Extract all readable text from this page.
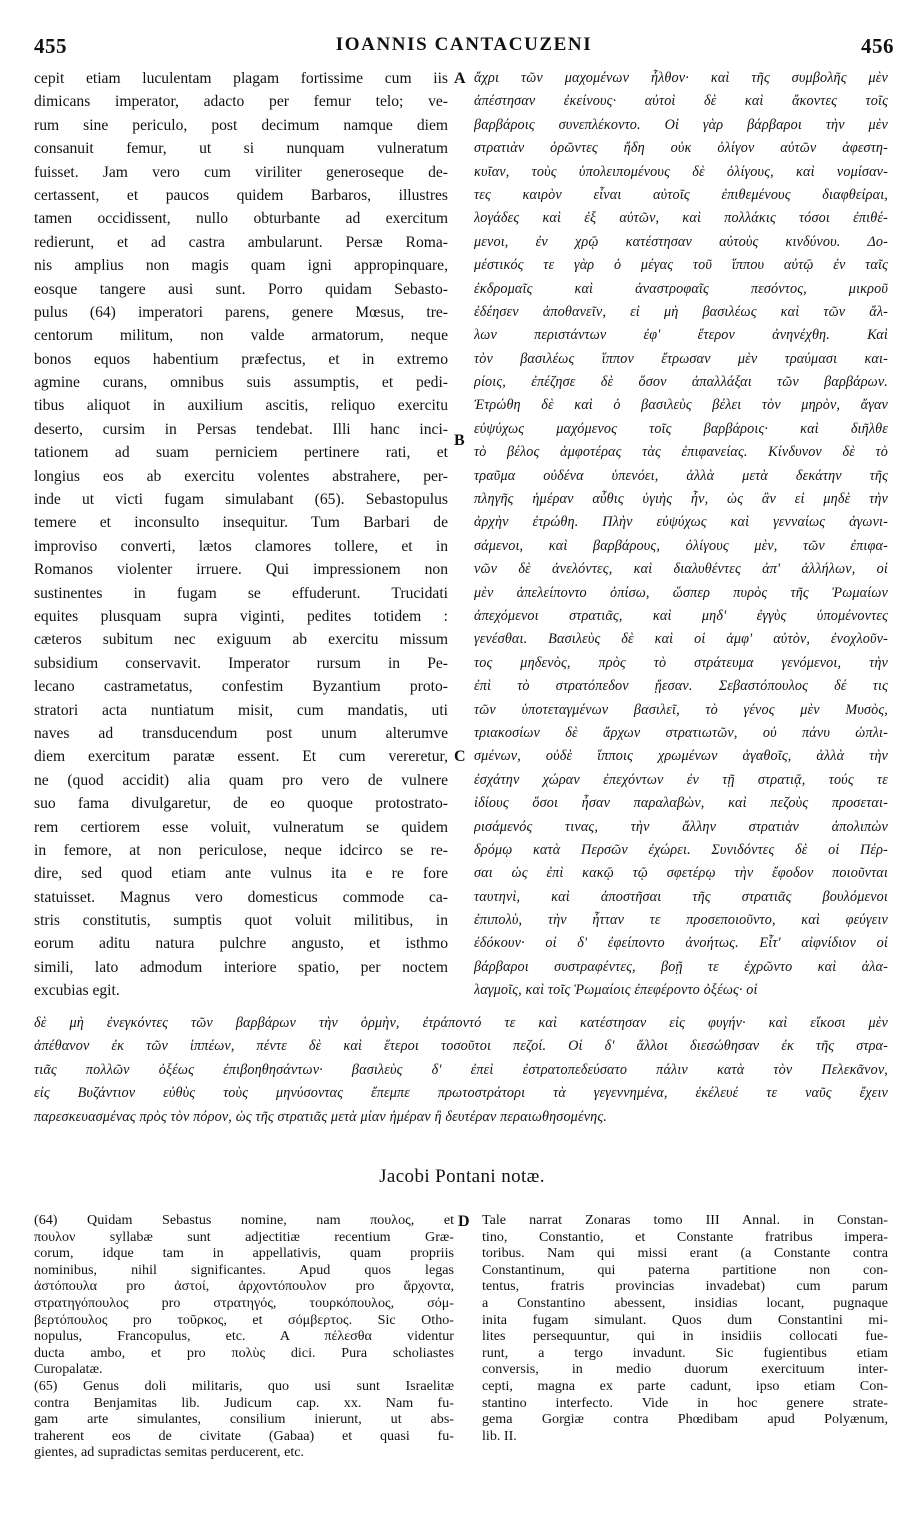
455	IOANNIS CANTACUZENI	456
cepit etiam luculentam plagam fortissime cum iis
dimicans imperator, adacto per femur telo; ve-
rum sine periculo, post decimum namque diem
consanuit femur, ut si nunquam vulneratum
fuisset. Jam vero cum viriliter generoseque de-
certassent, et paucos quidem Barbaros, illustres
tamen occidissent, nullo obturbante ad exercitum
redierunt, et ad castra ambularunt. Persæ Roma-
nis amplius non magis quam igni appropinquare,
eosque tangere ausi sunt. Porro quidam Sebasto-
pulus (64) imperatori parens, genere Mœsus, tre-
centorum militum, non valde armatorum, neque
bonos equos habentium præfectus, et in extremo
agmine curans, omnibus suis assumptis, et pedi-
tibus aliquot in auxilium ascitis, reliquo exercitu
deserto, cursim in Persas tendebat. Illi hanc inci-
tationem ad suam perniciem pertinere rati, et
longius eos ab exercitu volentes abstrahere, per-
inde ut victi fugam simulabant (65). Sebastopulus
temere et inconsulto insequitur. Tum Barbari de
improviso converti, lætos clamores tollere, et in
Romanos violenter irruere. Qui impressionem non
sustinentes in fugam se effuderunt. Trucidati
equites plusquam supra viginti, pedites totidem :
cæteros subitum nec exiguum ab exercitu missum
subsidium conservavit. Imperator rursum in Pe-
lecano castrametatus, confestim Byzantium proto-
stratori acta nuntiatum misit, cum mandatis, uti
naves ad transducendum post unum alterumve
diem exercitum paratæ essent. Et cum vereretur,
ne (quod accidit) alia quam pro vero de vulnere
suo fama divulgaretur, de eo quoque protostrato-
rem certiorem esse voluit, vulneratum se quidem
in femore, at non periculose, neque idcirco se re-
dire, sed quod etiam ante vulnus ita e re fore
statuisset. Magnus vero domesticus commode ca-
stris constitutis, sumptis quot voluit militibus, in
eorum aditu natura pulchre angusto, et isthmo
simili, lato admodum interiore spatio, per noctem
excubias egit.
ἄχρι τῶν μαχομένων ἦλθον· καὶ τῆς συμβολῆς μὲν
ἀπέστησαν ἐκείνους· αὐτοὶ δὲ καὶ ἄκοντες τοῖς
βαρβάροις συνεπλέκοντο. Οἱ γὰρ βάρβαροι τὴν μὲν
στρατιὰν ὁρῶντες ἤδη οὐκ ὀλίγον αὐτῶν ἀφεστη-
κυῖαν, τοὺς ὑπολειπομένους δὲ ὀλίγους, καὶ νομίσαν-
τες καιρὸν εἶναι αὐτοῖς ἐπιθεμένους διαφθείραι,
λογάδες καὶ ἐξ αὐτῶν, καὶ πολλάκις τόσοι ἐπιθέ-
μενοι, ἐν χρῷ κατέστησαν αὐτοὺς κινδύνου. Δο-
μέστικός τε γὰρ ὁ μέγας τοῦ ἵππου αὐτῷ ἐν ταῖς
ἐκδρομαῖς καὶ ἀναστροφαῖς πεσόντος, μικροῦ
ἐδέησεν ἀποθανεῖν, εἰ μὴ βασιλέως καὶ τῶν ἄλ-
λων περιστάντων ἐφ' ἕτερον ἀνηνέχθη. Καὶ
τὸν βασιλέως ἵππον ἔτρωσαν μὲν τραύμασι και-
ρίοις, ἐπέζησε δὲ ὅσον ἀπαλλάξαι τῶν βαρβάρων.
Ἐτρώθη δὲ καὶ ὁ βασιλεὺς βέλει τὸν μηρὸν, ἄγαν
εὐψύχως μαχόμενος τοῖς βαρβάροις· καὶ διῆλθε
τὸ βέλος ἀμφοτέρας τὰς ἐπιφανείας. Κίνδυνον δὲ τὸ
τραῦμα οὐδένα ὑπενόει, ἀλλὰ μετὰ δεκάτην τῆς
πληγῆς ἡμέραν αὖθις ὑγιὴς ἦν, ὡς ἂν εἰ μηδὲ τὴν
ἀρχὴν ἐτρώθη. Πλὴν εὐψύχως καὶ γενναίως ἀγωνι-
σάμενοι, καὶ βαρβάρους, ὀλίγους μὲν, τῶν ἐπιφα-
νῶν δὲ ἀνελόντες, καὶ διαλυθέντες ἀπ' ἀλλήλων, οἱ
μὲν ἀπελείποντο ὀπίσω, ὥσπερ πυρὸς τῆς Ῥωμαίων
ἀπεχόμενοι στρατιᾶς, καὶ μηδ' ἐγγὺς ὑπομένοντες
γενέσθαι. Βασιλεὺς δὲ καὶ οἱ ἀμφ' αὐτὸν, ἐνοχλοῦν-
τος μηδενὸς, πρὸς τὸ στράτευμα γενόμενοι, τὴν
ἐπὶ τὸ στρατόπεδον ᾔεσαν. Σεβαστόπουλος δέ τις
τῶν ὑποτεταγμένων βασιλεῖ, τὸ γένος μὲν Μυσὸς,
τριακοσίων δὲ ἄρχων στρατιωτῶν, οὐ πάνυ ὡπλι-
σμένων, οὐδὲ ἵπποις χρωμένων ἀγαθοῖς, ἀλλὰ τὴν
ἐσχάτην χώραν ἐπεχόντων ἐν τῇ στρατιᾷ, τούς τε
ἰδίους ὅσοι ἦσαν παραλαβὼν, καὶ πεζοὺς προσεται-
ρισάμενός τινας, τὴν ἄλλην στρατιὰν ἀπολιπὼν
δρόμῳ κατὰ Περσῶν ἐχώρει. Συνιδόντες δὲ οἱ Πέρ-
σαι ὡς ἐπὶ κακῷ τῷ σφετέρῳ τὴν ἔφοδον ποιοῦνται
ταυτηνὶ, καὶ ἀποστῆσαι τῆς στρατιᾶς βουλόμενοι
ἐπιπολὺ, τὴν ἧτταν τε προσεποιοῦντο, καὶ φεύγειν
ἐδόκουν· οἱ δ' ἐφείποντο ἀνοήτως. Εἶτ' αἰφνίδιον οἱ
βάρβαροι συστραφέντες, βοῇ τε ἐχρῶντο καὶ ἀλα-
λαγμοῖς, καὶ τοῖς Ῥωμαίοις ἐπεφέροντο ὀξέως· οἱ
δὲ μὴ ἐνεγκόντες τῶν βαρβάρων τὴν ὁρμὴν, ἐτράποντό τε καὶ κατέστησαν εἰς φυγήν· καὶ εἴκοσι μὲν
ἀπέθανον ἐκ τῶν ἱππέων, πέντε δὲ καὶ ἕτεροι τοσοῦτοι πεζοί. Οἱ δ' ἄλλοι διεσώθησαν ἐκ τῆς στρα-
τιᾶς πολλῶν ὀξέως ἐπιβοηθησάντων· βασιλεὺς δ' ἐπεὶ ἐστρατοπεδεύσατο πάλιν κατὰ τὸν Πελεκᾶνον,
εἰς Βυζάντιον εὐθὺς τοὺς μηνύσοντας ἔπεμπε πρωτοστράτορι τὰ γεγεννημένα, ἐκέλευέ τε ναῦς ἔχειν
παρεσκευασμένας πρὸς τὸν πόρον, ὡς τῆς στρατιᾶς μετὰ μίαν ἡμέραν ἢ δευτέραν περαιωθησομένης.
A
B
C
D
Jacobi Pontani notæ.
(64) Quidam Sebastus nomine, nam πουλος, et
πουλον syllabæ sunt adjectitiæ recentium Græ-
corum, idque tam in appellativis, quam propriis
nominibus, nihil significantes. Apud quos legas
ἀστόπουλα pro ἀστοί, ἀρχοντόπουλον pro ἄρχοντα,
στρατηγόπουλος pro στρατηγός, τουρκόπουλος, σόμ-
βερτόπουλος pro τοῦρκος, et σόμβερτος. Sic Otho-
nopulus, Francopulus, etc. A πέλεσθα videntur
ducta ambo, et pro πολὺς dici. Pura scholiastes
Curopalatæ.
(65) Genus doli militaris, quo usi sunt Israelitæ
contra Benjamitas lib. Judicum cap. xx. Nam fu-
gam arte simulantes, consilium inierunt, ut abs-
traherent eos de civitate (Gabaa) et quasi fu-
gientes, ad supradictas semitas perducerent, etc.
Tale narrat Zonaras tomo III Annal. in Constan-
tino, Constantio, et Constante fratribus impera-
toribus. Nam qui missi erant (a Constante contra
Constantinum, qui paterna partitione non con-
tentus, fratris provincias invadebat) cum parum
a Constantino abessent, insidias locant, pugnaque
inita fugam simulant. Quos dum Constantini mi-
lites persequuntur, qui in insidiis collocati fue-
runt, a tergo invadunt. Sic fugientibus etiam
conversis, in medio duorum exercituum inter-
cepti, magna ex parte cadunt, ipso etiam Con-
stantino interfecto. Vide in hoc genere strate-
gema Gorgiæ contra Phœdibam apud Polyænum,
lib. II.
